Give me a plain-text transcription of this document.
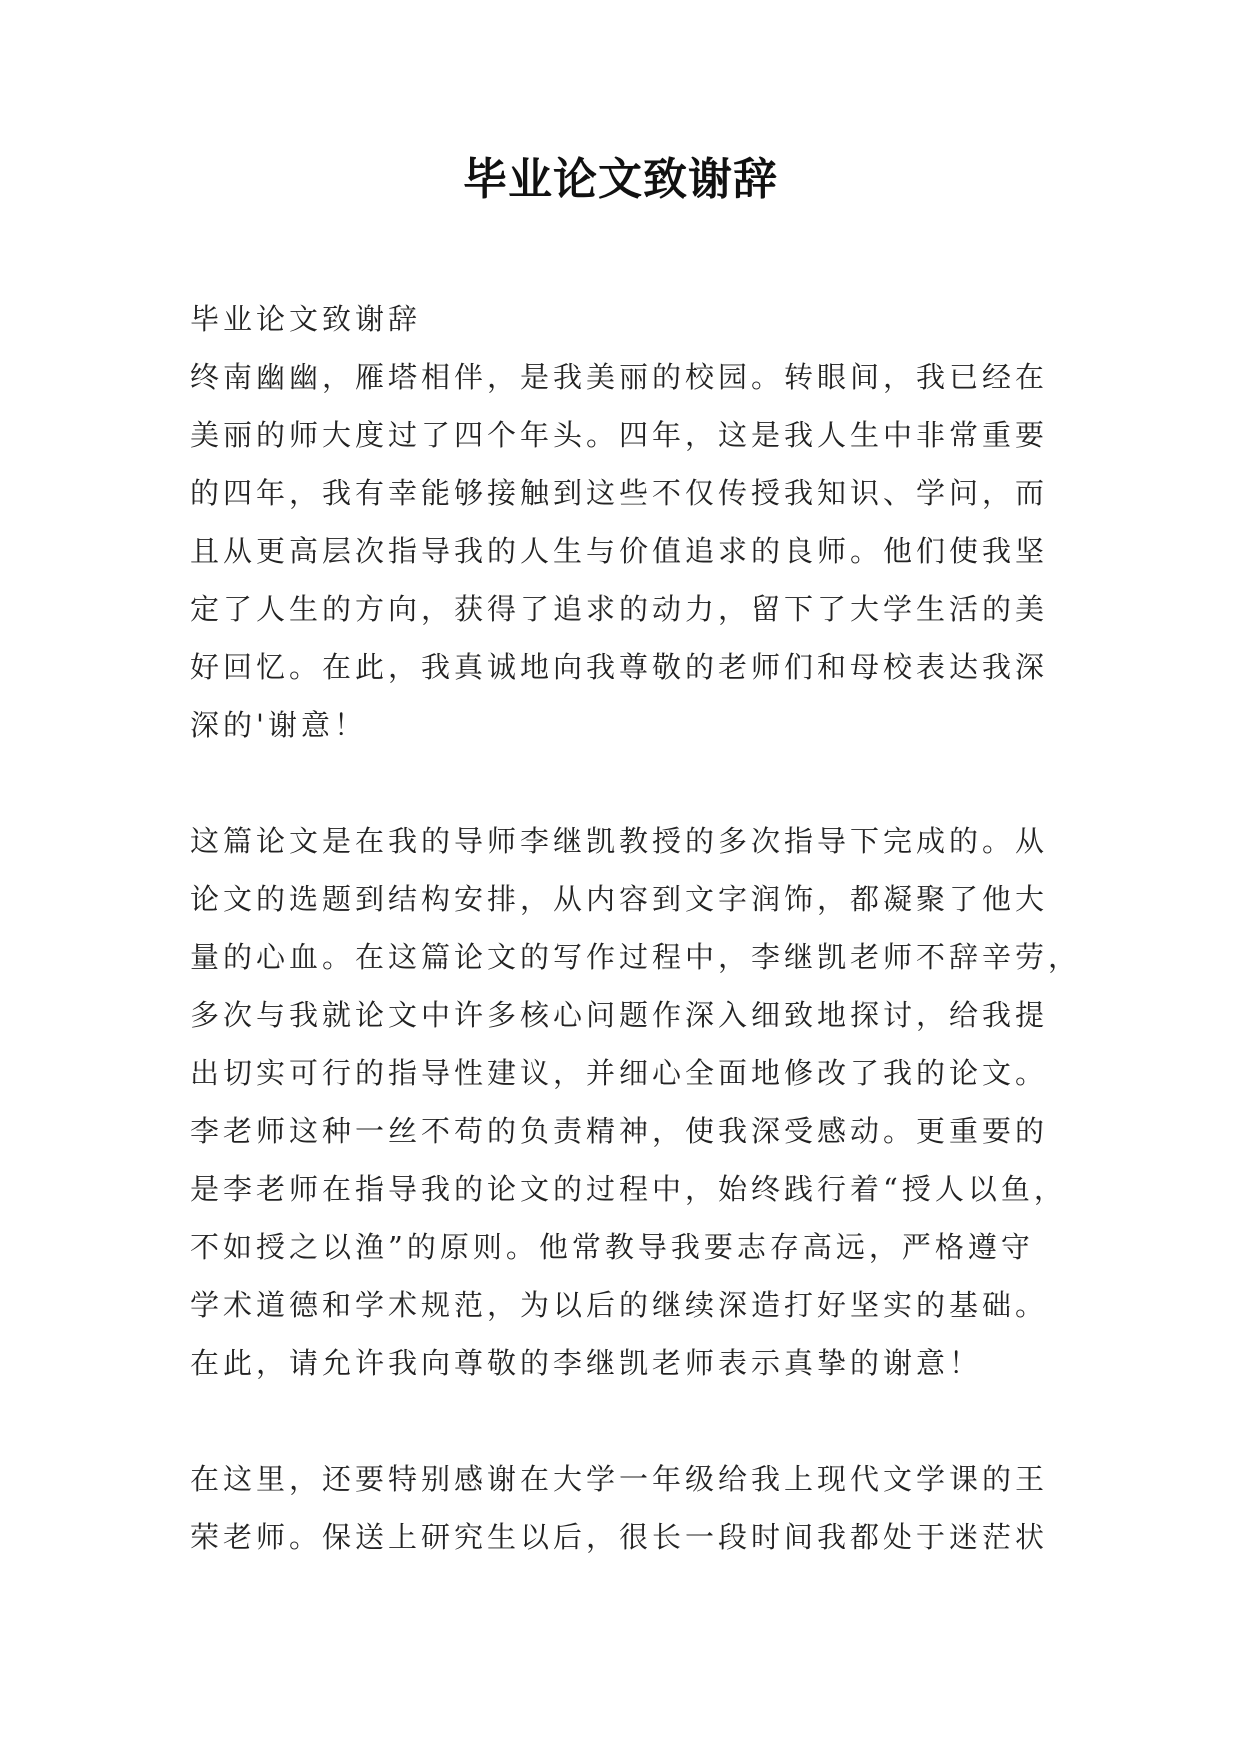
毕业论文致谢辞
毕业论文致谢辞
终南幽幽，雁塔相伴，是我美丽的校园。转眼间，我已经在
美丽的师大度过了四个年头。四年，这是我人生中非常重要
的四年，我有幸能够接触到这些不仅传授我知识、学问，而
且从更高层次指导我的人生与价值追求的良师。他们使我坚
定了人生的方向，获得了追求的动力，留下了大学生活的美
好回忆。在此，我真诚地向我尊敬的老师们和母校表达我深
深的'谢意！
这篇论文是在我的导师李继凯教授的多次指导下完成的。从
论文的选题到结构安排，从内容到文字润饰，都凝聚了他大
量的心血。在这篇论文的写作过程中，李继凯老师不辞辛劳，
多次与我就论文中许多核心问题作深入细致地探讨，给我提
出切实可行的指导性建议，并细心全面地修改了我的论文。
李老师这种一丝不苟的负责精神，使我深受感动。更重要的
是李老师在指导我的论文的过程中，始终践行着“授人以鱼，
不如授之以渔”的原则。他常教导我要志存高远，严格遵守
学术道德和学术规范，为以后的继续深造打好坚实的基础。
在此，请允许我向尊敬的李继凯老师表示真挚的谢意！
在这里，还要特别感谢在大学一年级给我上现代文学课的王
荣老师。保送上研究生以后，很长一段时间我都处于迷茫状
